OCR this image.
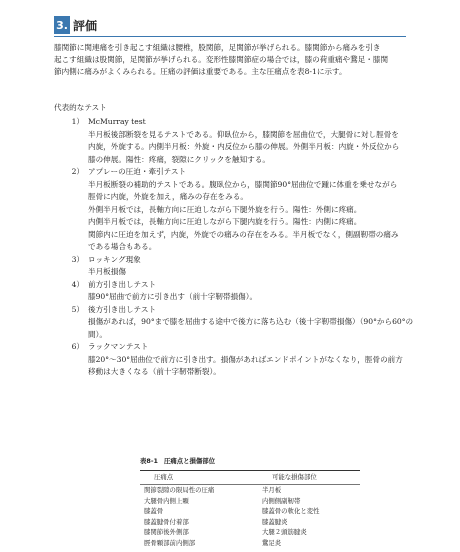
3. 評価
膝関節に関連痛を引き起こす組織は腰椎，股関節，足関節が挙げられる。膝関節から痛みを引き
起こす組織は股関節，足関節が挙げられる。変形性膝関節症の場合では，膝の荷重痛や鵞足・膝関
節内側に痛みがよくみられる。圧痛の評価は重要である。主な圧痛点を表8-1に示す。
代表的なテスト
1） McMurray test
半月板後部断裂を見るテストである。仰臥位から，膝関節を屈曲位で，大腿骨に対し脛骨を
内旋，外旋する。内側半月板：外旋・内反位から膝の伸展。外側半月板：内旋・外反位から
膝の伸展。陽性：疼痛，裂隙にクリックを触知する。
2） アプレーの圧迫・牽引テスト
半月板断裂の補助的テストである。腹臥位から，膝関節90°屈曲位で踵に体重を乗せながら
脛骨に内旋，外旋を加え，痛みの存在をみる。
外側半月板では，長軸方向に圧迫しながら下腿外旋を行う。陽性：外側に疼痛。
内側半月板では，長軸方向に圧迫しながら下腿内旋を行う。陽性：内側に疼痛。
関節内に圧迫を加えず，内旋，外旋での痛みの存在をみる。半月板でなく，側副靭帯の痛み
である場合もある。
3） ロッキング現象
半月板損傷
4） 前方引き出しテスト
膝90°屈曲で前方に引き出す（前十字靭帯損傷）。
5） 後方引き出しテスト
損傷があれば，90°まで膝を屈曲する途中で後方に落ち込む（後十字靭帯損傷）（90°から60°の
間）。
6） ラックマンテスト
膝20°～30°屈曲位で前方に引き出す。損傷があればエンドポイントがなくなり，脛骨の前方
移動は大きくなる（前十字靭帯断裂）。
表8-1 圧痛点と損傷部位
圧痛点	可能な損傷部位
関節裂隙の限局性の圧痛	半月板
大腿骨内側上顆	内側側副靭帯
膝蓋骨	膝蓋骨の軟化と変性
膝蓋腱骨付着部	膝蓋腱炎
膝関節後外側部	大腿２頭筋腱炎
脛骨顆部前内側部	鵞足炎
